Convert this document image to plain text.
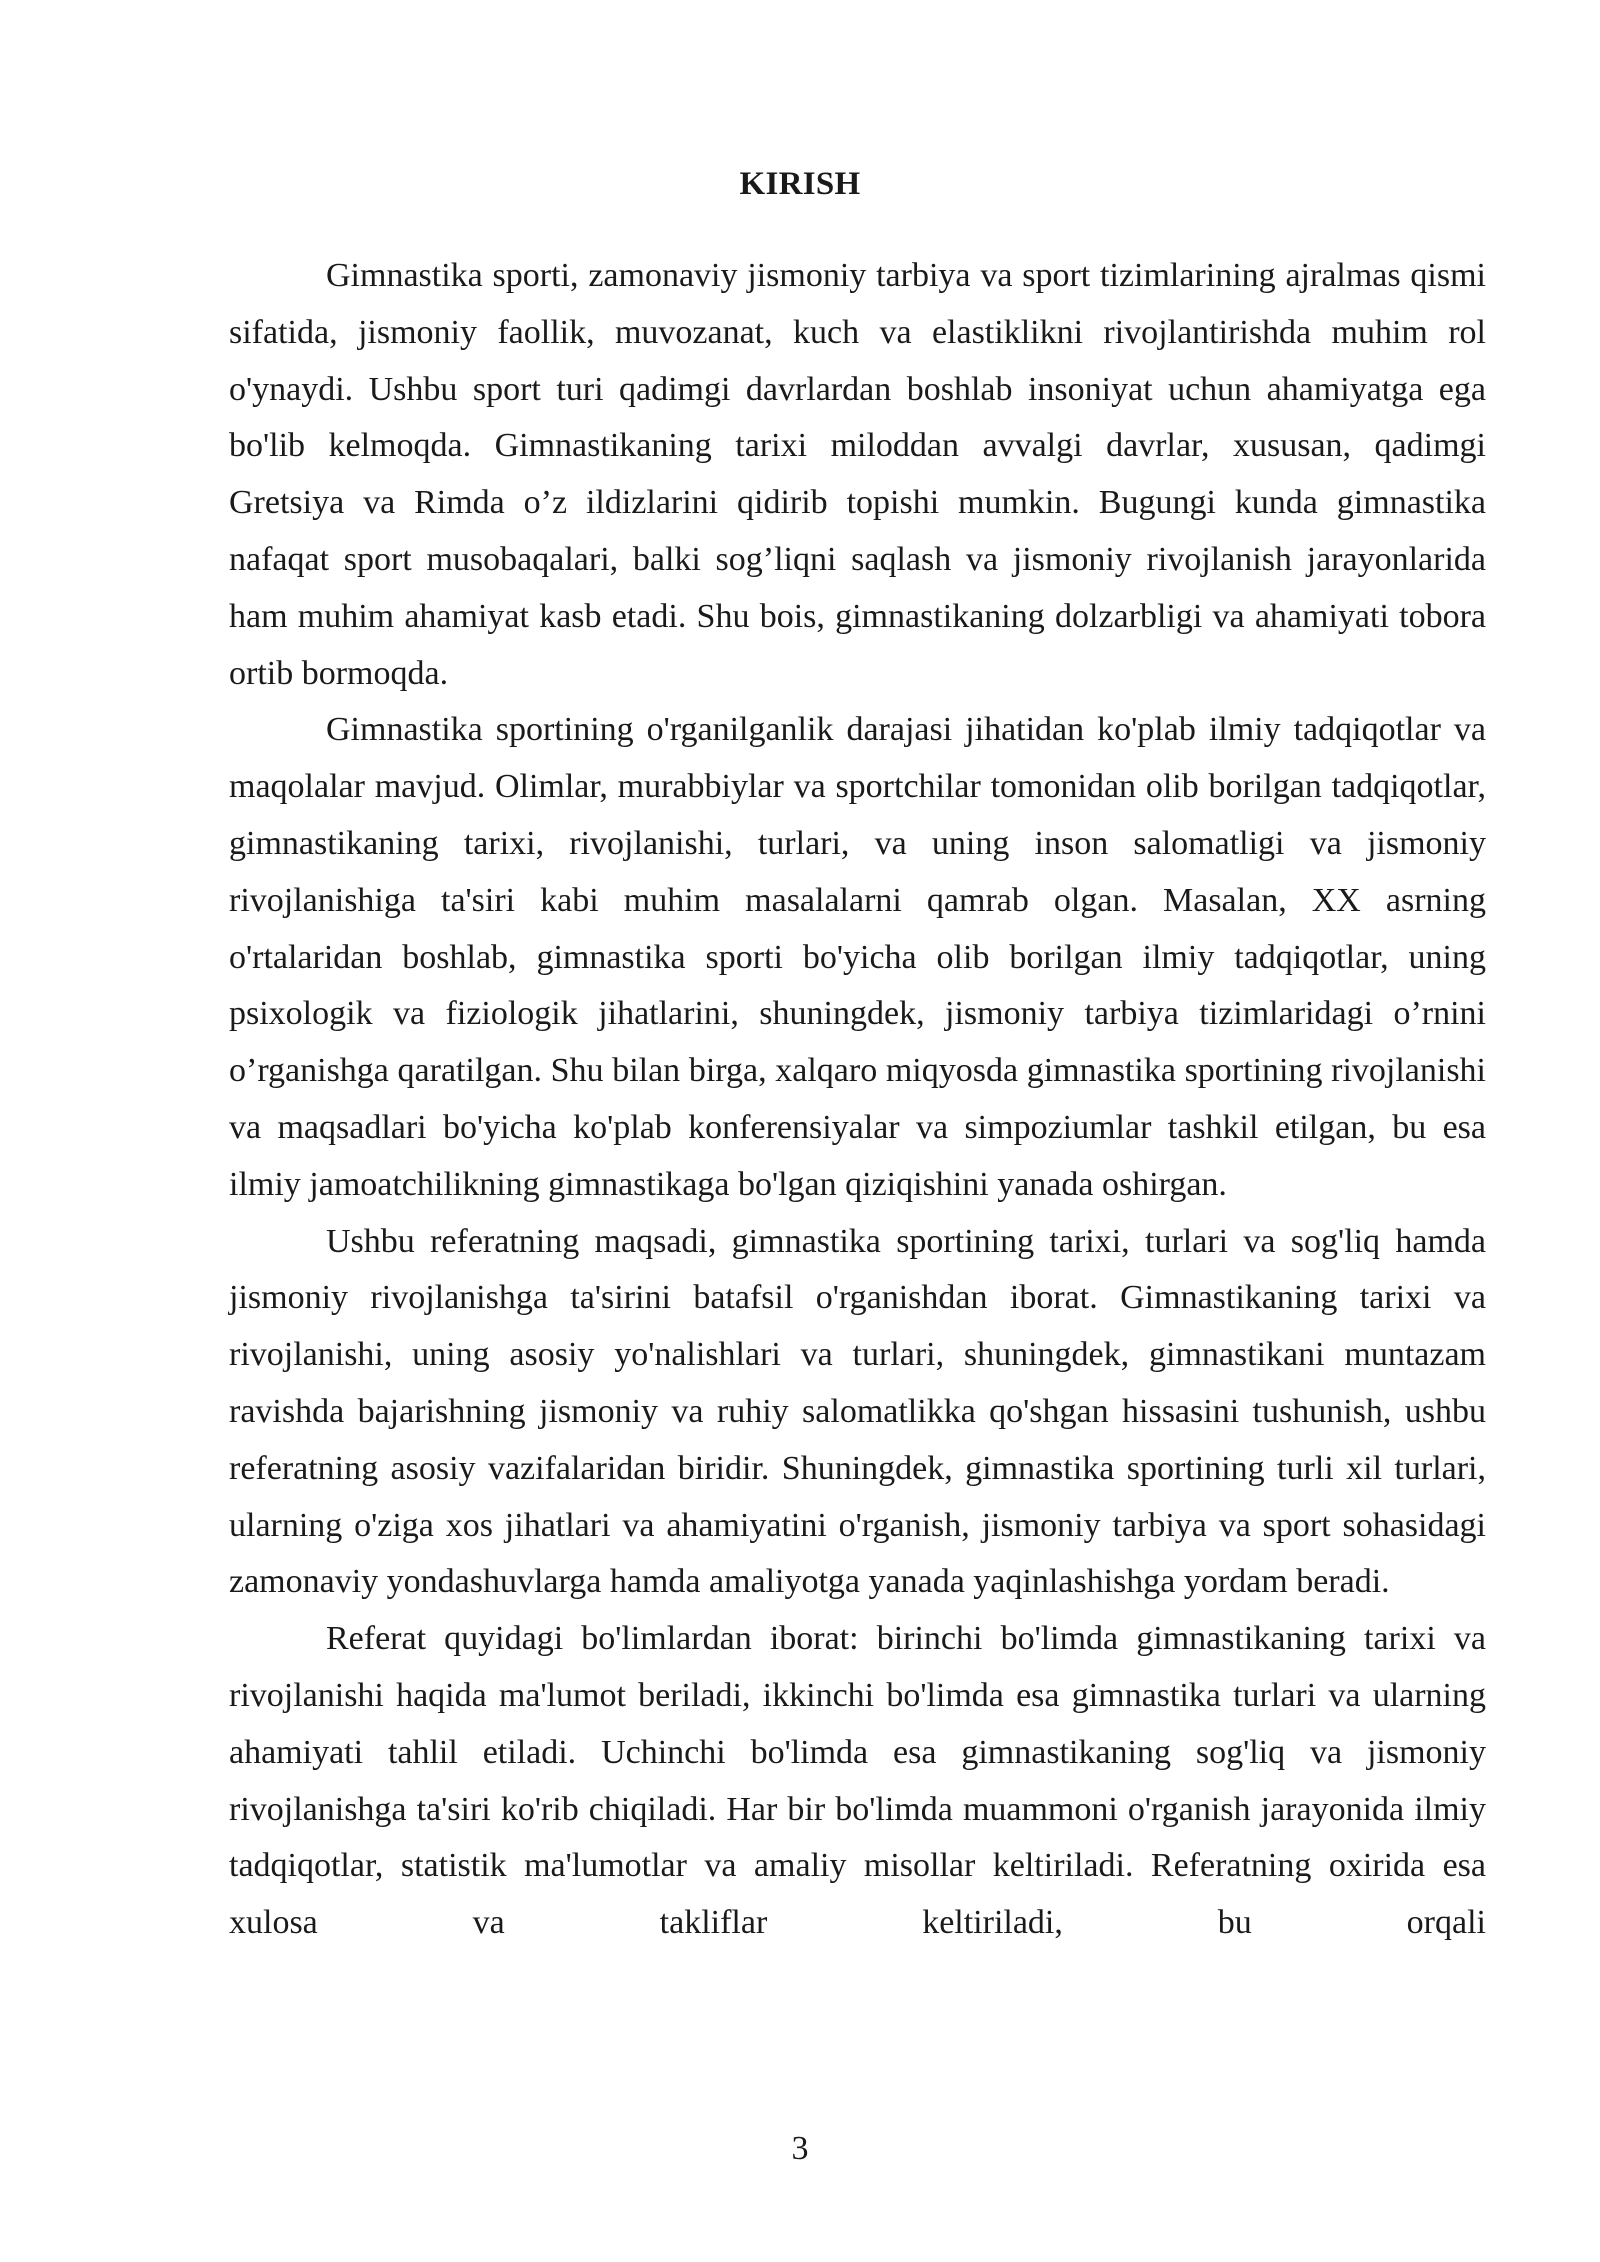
KIRISH

Gimnastika sporti, zamonaviy jismoniy tarbiya va sport tizimlarining ajralmas qismi sifatida, jismoniy faollik, muvozanat, kuch va elastiklikni rivojlantirishda muhim rol o'ynaydi. Ushbu sport turi qadimgi davrlardan boshlab insoniyat uchun ahamiyatga ega bo'lib kelmoqda. Gimnastikaning tarixi miloddan avvalgi davrlar, xususan, qadimgi Gretsiya va Rimda o’z ildizlarini qidirib topishi mumkin. Bugungi kunda gimnastika nafaqat sport musobaqalari, balki sog’liqni saqlash va jismoniy rivojlanish jarayonlarida ham muhim ahamiyat kasb etadi. Shu bois, gimnastikaning dolzarbligi va ahamiyati tobora ortib bormoqda.

Gimnastika sportining o'rganilganlik darajasi jihatidan ko'plab ilmiy tadqiqotlar va maqolalar mavjud. Olimlar, murabbiylar va sportchilar tomonidan olib borilgan tadqiqotlar, gimnastikaning tarixi, rivojlanishi, turlari, va uning inson salomatligi va jismoniy rivojlanishiga ta'siri kabi muhim masalalarni qamrab olgan. Masalan, XX asrning o'rtalaridan boshlab, gimnastika sporti bo'yicha olib borilgan ilmiy tadqiqotlar, uning psixologik va fiziologik jihatlarini, shuningdek, jismoniy tarbiya tizimlaridagi o’rnini o’rganishga qaratilgan. Shu bilan birga, xalqaro miqyosda gimnastika sportining rivojlanishi va maqsadlari bo'yicha ko'plab konferensiyalar va simpoziumlar tashkil etilgan, bu esa ilmiy jamoatchilikning gimnastikaga bo'lgan qiziqishini yanada oshirgan.

Ushbu referatning maqsadi, gimnastika sportining tarixi, turlari va sog'liq hamda jismoniy rivojlanishga ta'sirini batafsil o'rganishdan iborat. Gimnastikaning tarixi va rivojlanishi, uning asosiy yo'nalishlari va turlari, shuningdek, gimnastikani muntazam ravishda bajarishning jismoniy va ruhiy salomatlikka qo'shgan hissasini tushunish, ushbu referatning asosiy vazifalaridan biridir. Shuningdek, gimnastika sportining turli xil turlari, ularning o'ziga xos jihatlari va ahamiyatini o'rganish, jismoniy tarbiya va sport sohasidagi zamonaviy yondashuvlarga hamda amaliyotga yanada yaqinlashishga yordam beradi.

Referat quyidagi bo'limlardan iborat: birinchi bo'limda gimnastikaning tarixi va rivojlanishi haqida ma'lumot beriladi, ikkinchi bo'limda esa gimnastika turlari va ularning ahamiyati tahlil etiladi. Uchinchi bo'limda esa gimnastikaning sog'liq va jismoniy rivojlanishga ta'siri ko'rib chiqiladi. Har bir bo'limda muammoni o'rganish jarayonida ilmiy tadqiqotlar, statistik ma'lumotlar va amaliy misollar keltiriladi. Referatning oxirida esa xulosa va takliflar keltiriladi, bu orqali

3
